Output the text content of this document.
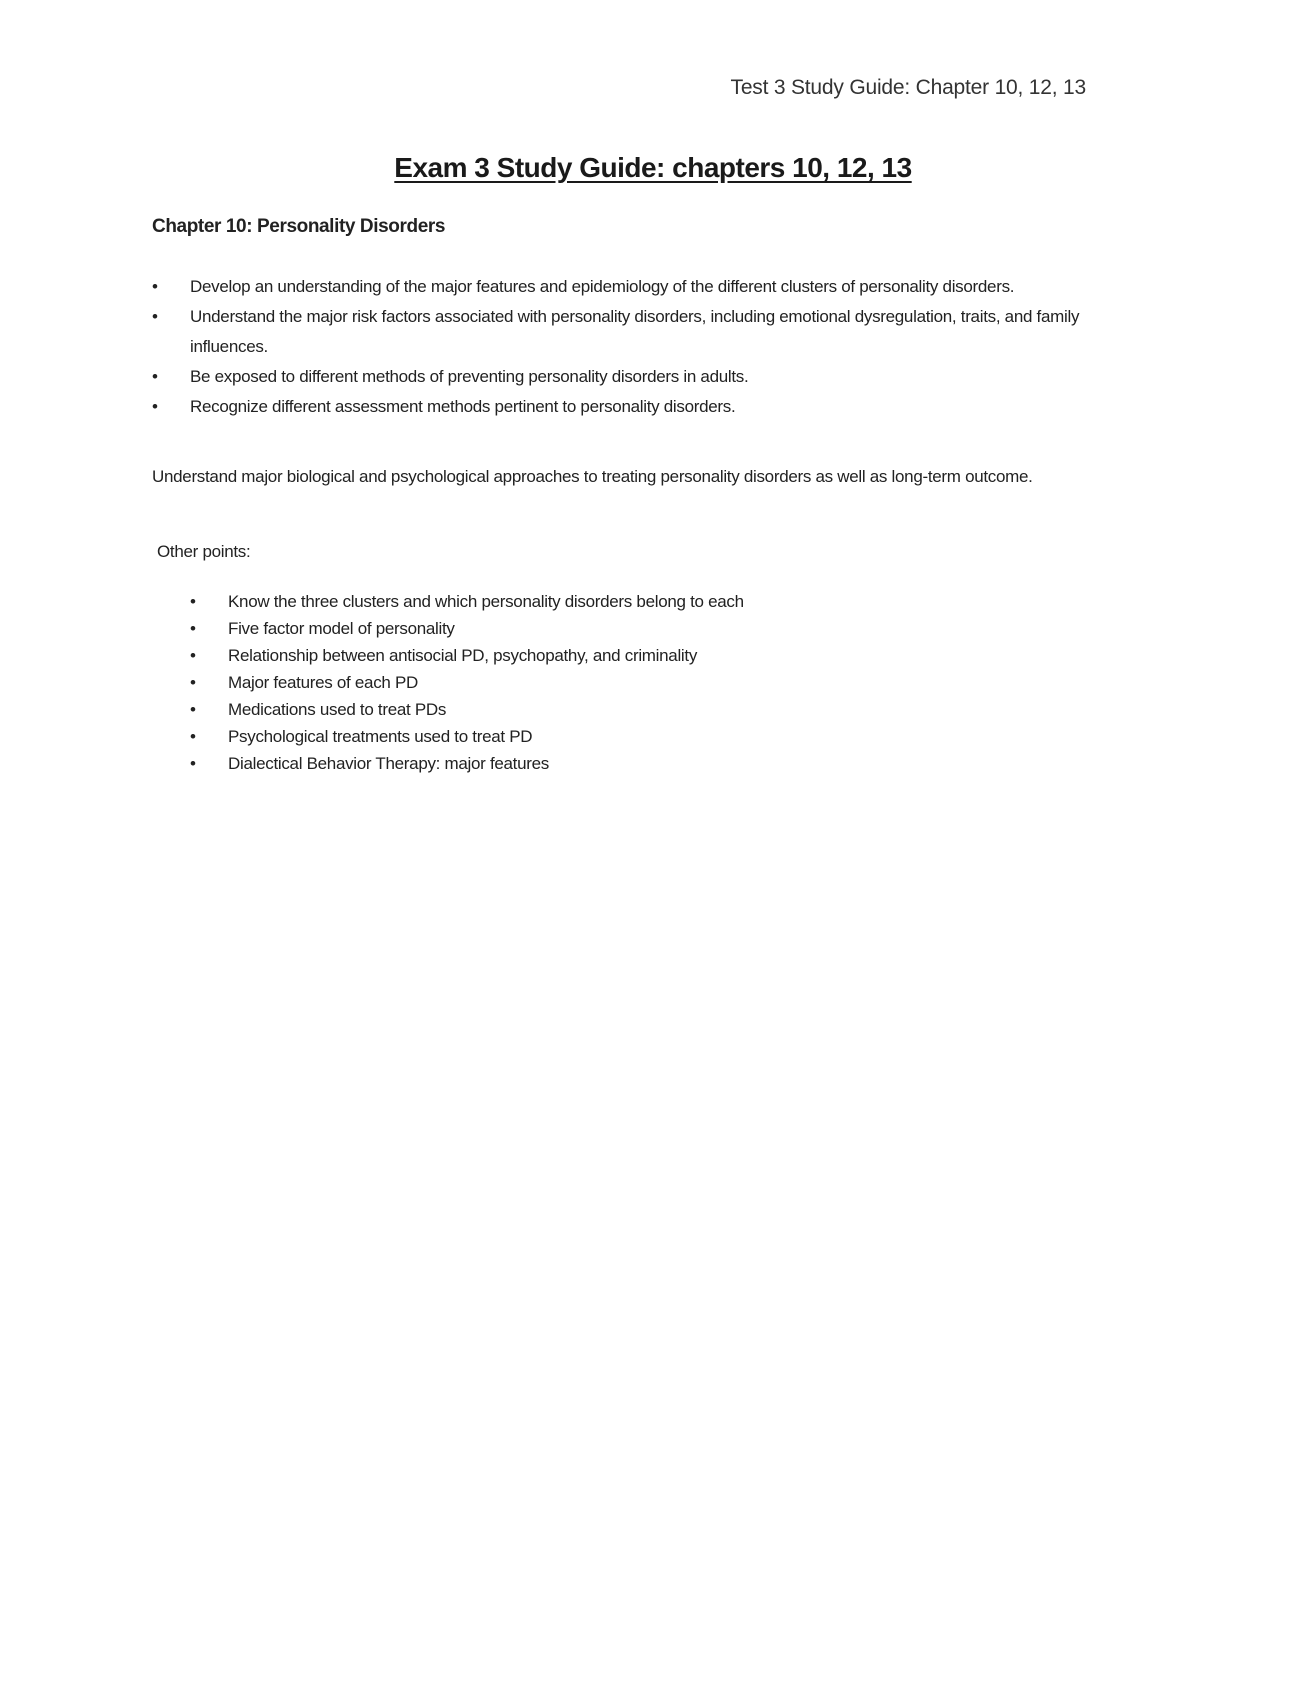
Test 3 Study Guide: Chapter 10, 12, 13
Exam 3 Study Guide: chapters 10, 12, 13
Chapter 10: Personality Disorders
• Develop an understanding of the major features and epidemiology of the different clusters of personality disorders.
• Understand the major risk factors associated with personality disorders, including emotional dysregulation, traits, and family influences.
• Be exposed to different methods of preventing personality disorders in adults.
• Recognize different assessment methods pertinent to personality disorders.
Understand major biological and psychological approaches to treating personality disorders as well as long-term outcome.
Other points:
• Know the three clusters and which personality disorders belong to each
• Five factor model of personality
• Relationship between antisocial PD, psychopathy, and criminality
• Major features of each PD
• Medications used to treat PDs
• Psychological treatments used to treat PD
• Dialectical Behavior Therapy: major features
